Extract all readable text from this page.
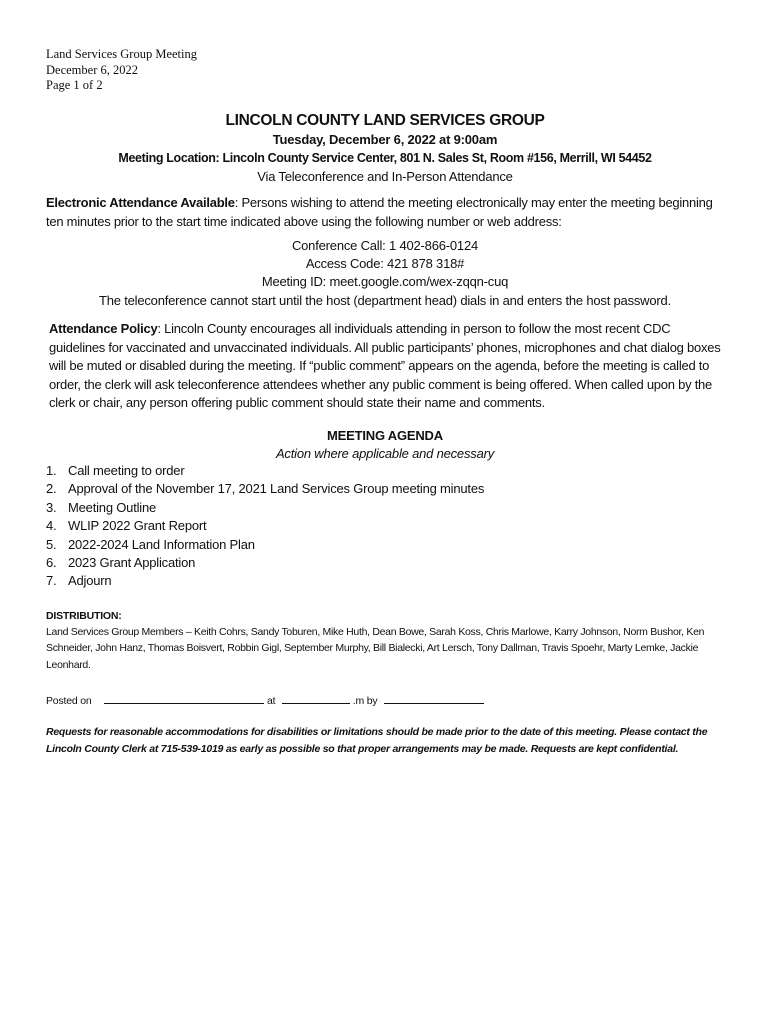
Land Services Group Meeting
December 6, 2022
Page 1 of 2
LINCOLN COUNTY LAND SERVICES GROUP
Tuesday, December 6, 2022 at 9:00am
Meeting Location: Lincoln County Service Center, 801 N. Sales St, Room #156, Merrill, WI 54452
Via Teleconference and In-Person Attendance
Electronic Attendance Available: Persons wishing to attend the meeting electronically may enter the meeting beginning ten minutes prior to the start time indicated above using the following number or web address:
Conference Call: 1 402-866-0124
Access Code: 421 878 318#
Meeting ID: meet.google.com/wex-zqqn-cuq
The teleconference cannot start until the host (department head) dials in and enters the host password.
Attendance Policy: Lincoln County encourages all individuals attending in person to follow the most recent CDC guidelines for vaccinated and unvaccinated individuals. All public participants’ phones, microphones and chat dialog boxes will be muted or disabled during the meeting. If “public comment” appears on the agenda, before the meeting is called to order, the clerk will ask teleconference attendees whether any public comment is being offered. When called upon by the clerk or chair, any person offering public comment should state their name and comments.
MEETING AGENDA
Action where applicable and necessary
1. Call meeting to order
2. Approval of the November 17, 2021 Land Services Group meeting minutes
3. Meeting Outline
4. WLIP 2022 Grant Report
5. 2022-2024 Land Information Plan
6. 2023 Grant Application
7. Adjourn
DISTRIBUTION:
Land Services Group Members – Keith Cohrs, Sandy Toburen, Mike Huth, Dean Bowe, Sarah Koss, Chris Marlowe, Karry Johnson, Norm Bushor, Ken Schneider, John Hanz, Thomas Boisvert, Robbin Gigl, September Murphy, Bill Bialecki, Art Lersch, Tony Dallman, Travis Spoehr, Marty Lemke, Jackie Leonhard.
Posted on	at	.m by
Requests for reasonable accommodations for disabilities or limitations should be made prior to the date of this meeting. Please contact the Lincoln County Clerk at 715-539-1019 as early as possible so that proper arrangements may be made. Requests are kept confidential.
